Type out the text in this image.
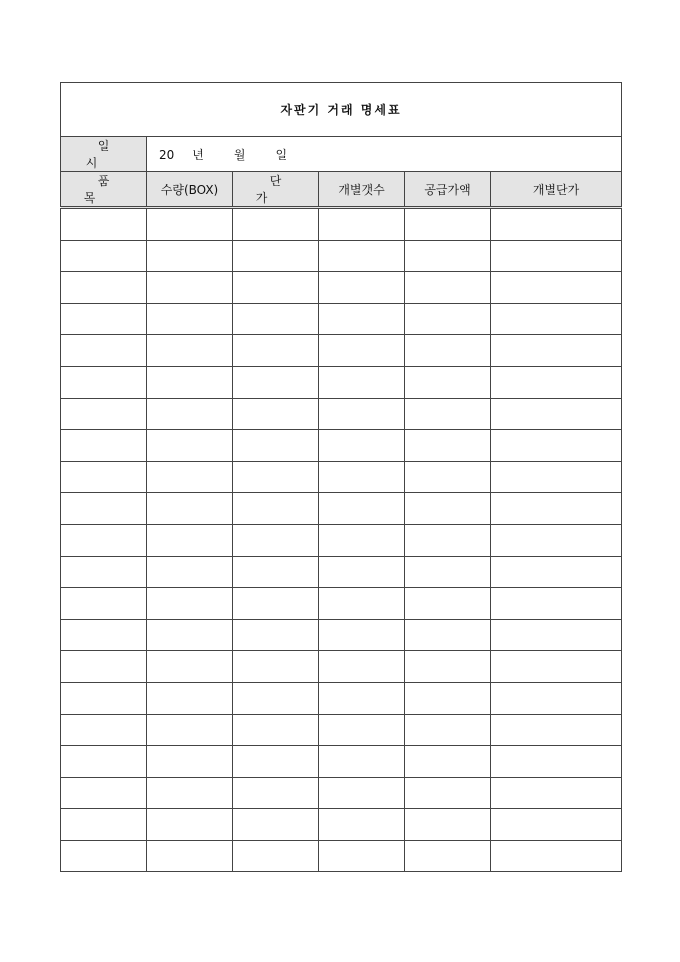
자판기 거래 명세표					
일 시	20 년 월 일				
품 목	수량(BOX)	단 가	개별갯수	공급가액	개별단가
